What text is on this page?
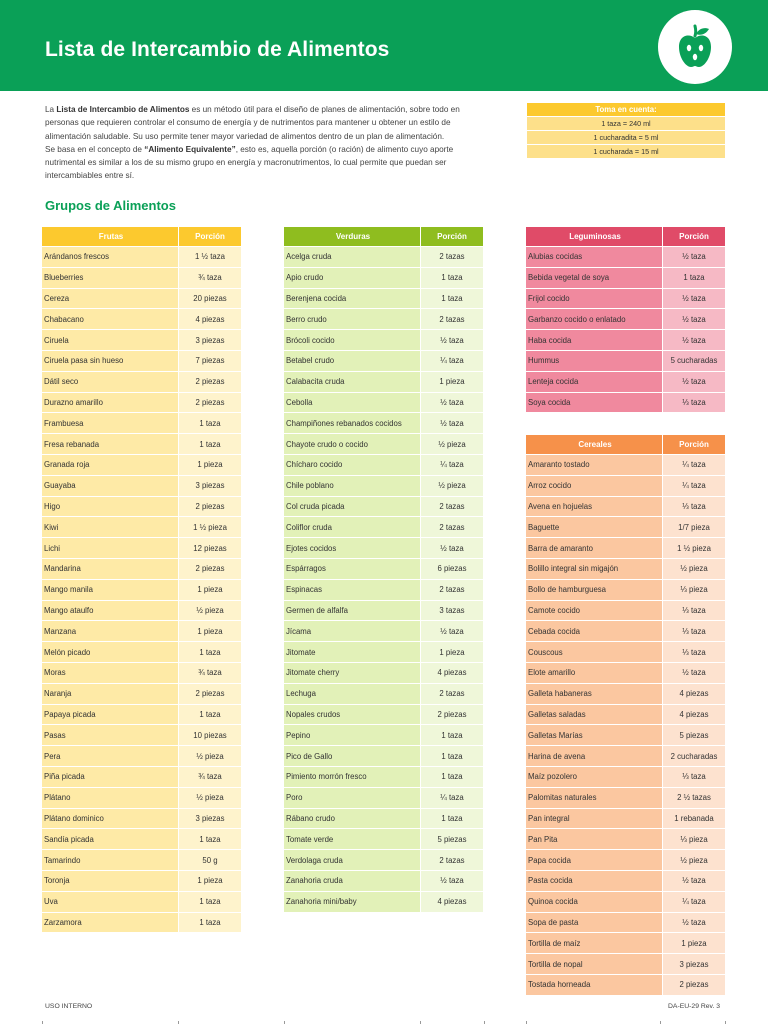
Lista de Intercambio de Alimentos
La Lista de Intercambio de Alimentos es un método útil para el diseño de planes de alimentación, sobre todo en personas que requieren controlar el consumo de energía y de nutrimentos para mantener u obtener un estilo de alimentación saludable. Su uso permite tener mayor variedad de alimentos dentro de un plan de alimentación.
Se basa en el concepto de “Alimento Equivalente”, esto es, aquella porción (o ración) de alimento cuyo aporte nutrimental es similar a los de su mismo grupo en energía y macronutrimentos, lo cual permite que puedan ser intercambiables entre sí.
Toma en cuenta:
1 taza = 240 ml
1 cucharadita = 5 ml
1 cucharada = 15 ml
Grupos de Alimentos
Frutas	Porción
Arándanos frescos	1 ½ taza
Blueberries	¾ taza
Cereza	20 piezas
Chabacano	4 piezas
Ciruela	3 piezas
Ciruela pasa sin hueso	7 piezas
Dátil seco	2 piezas
Durazno amarillo	2 piezas
Frambuesa	1 taza
Fresa rebanada	1 taza
Granada roja	1 pieza
Guayaba	3 piezas
Higo	2 piezas
Kiwi	1 ½ pieza
Lichi	12 piezas
Mandarina	2 piezas
Mango manila	1 pieza
Mango ataulfo	½ pieza
Manzana	1 pieza
Melón picado	1 taza
Moras	¾ taza
Naranja	2 piezas
Papaya picada	1 taza
Pasas	10 piezas
Pera	½ pieza
Piña picada	¾ taza
Plátano	½ pieza
Plátano dominico	3 piezas
Sandía picada	1 taza
Tamarindo	50 g
Toronja	1 pieza
Uva	1 taza
Zarzamora	1 taza
Verduras	Porción
Acelga cruda	2 tazas
Apio crudo	1 taza
Berenjena cocida	1 taza
Berro crudo	2 tazas
Brócoli cocido	½ taza
Betabel crudo	¼ taza
Calabacita cruda	1 pieza
Cebolla	½ taza
Champiñones rebanados cocidos	½ taza
Chayote crudo o cocido	½ pieza
Chícharo cocido	¼ taza
Chile poblano	½ pieza
Col cruda picada	2 tazas
Coliflor cruda	2 tazas
Ejotes cocidos	½ taza
Espárragos	6 piezas
Espinacas	2 tazas
Germen de alfalfa	3 tazas
Jícama	½ taza
Jitomate	1 pieza
Jitomate cherry	4 piezas
Lechuga	2 tazas
Nopales crudos	2 piezas
Pepino	1 taza
Pico de Gallo	1 taza
Pimiento morrón fresco	1 taza
Poro	¼ taza
Rábano crudo	1 taza
Tomate verde	5 piezas
Verdolaga cruda	2 tazas
Zanahoria cruda	½ taza
Zanahoria mini/baby	4 piezas
Leguminosas	Porción
Alubias cocidas	½ taza
Bebida vegetal de soya	1 taza
Frijol cocido	½ taza
Garbanzo cocido o enlatado	½ taza
Haba cocida	½ taza
Hummus	5 cucharadas
Lenteja cocida	½ taza
Soya cocida	⅓ taza
Cereales	Porción
Amaranto tostado	¼ taza
Arroz cocido	¼ taza
Avena en hojuelas	⅓ taza
Baguette	1/7 pieza
Barra de amaranto	1 ½ pieza
Bolillo integral sin migajón	½ pieza
Bollo de hamburguesa	⅓ pieza
Camote cocido	⅓ taza
Cebada cocida	⅓ taza
Couscous	⅓ taza
Elote amarillo	½ taza
Galleta habaneras	4 piezas
Galletas saladas	4 piezas
Galletas Marías	5 piezas
Harina de avena	2 cucharadas
Maíz pozolero	⅓ taza
Palomitas naturales	2 ½ tazas
Pan integral	1 rebanada
Pan Pita	⅓ pieza
Papa cocida	½ pieza
Pasta cocida	½ taza
Quinoa cocida	¼ taza
Sopa de pasta	½ taza
Tortilla de maíz	1 pieza
Tortilla de nopal	3 piezas
Tostada horneada	2 piezas
USO INTERNO	DA-EU-29 Rev. 3
